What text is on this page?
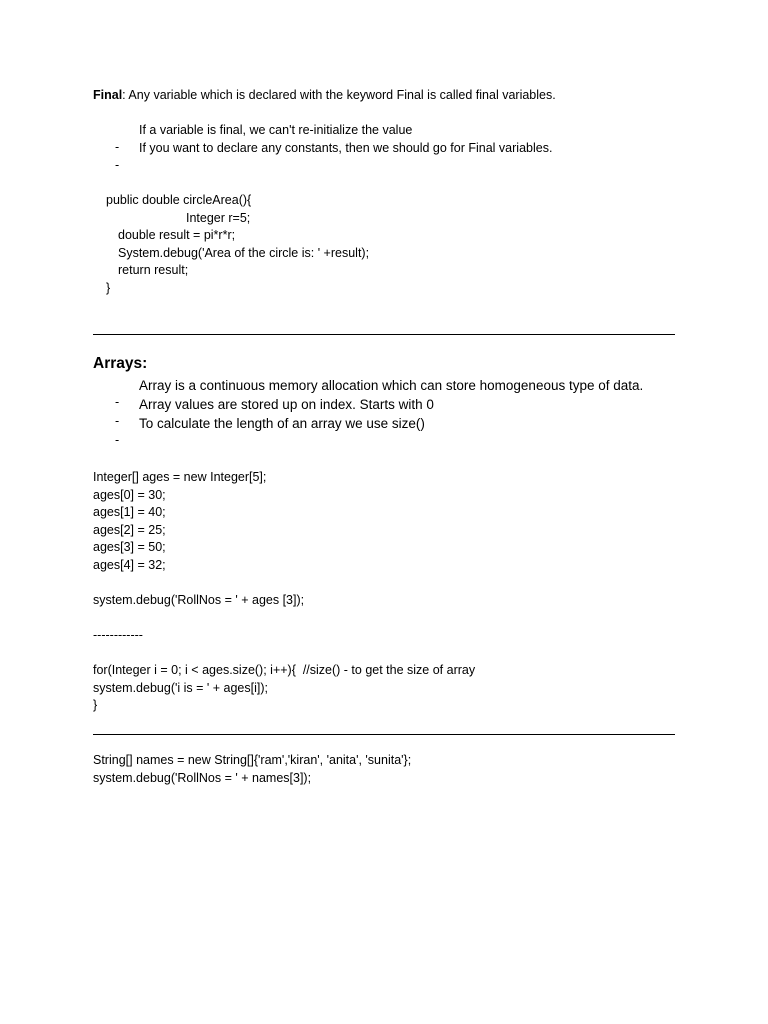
Final: Any variable which is declared with the keyword Final is called final variables.

-

If a variable is final, we can't re-initialize the value

-

If you want to declare any constants, then we should go for Final variables.
public double circleArea(){
Integer r=5;
double result = pi*r*r;
System.debug('Area of the circle is: ' +result);
return result;
}
Arrays:

-

Array is a continuous memory allocation which can store homogeneous type of data.

-

Array values are stored up on index. Starts with 0

-

To calculate the length of an array we use size()
Integer[] ages = new Integer[5];
ages[0] = 30;
ages[1] = 40;
ages[2] = 25;
ages[3] = 50;
ages[4] = 32;
system.debug('RollNos = ' + ages [3]);
------------
for(Integer i = 0; i < ages.size(); i++){  //size() - to get the size of array
system.debug('i is = ' + ages[i]);
}
String[] names = new String[]{'ram','kiran', 'anita', 'sunita'};
system.debug('RollNos = ' + names[3]);
